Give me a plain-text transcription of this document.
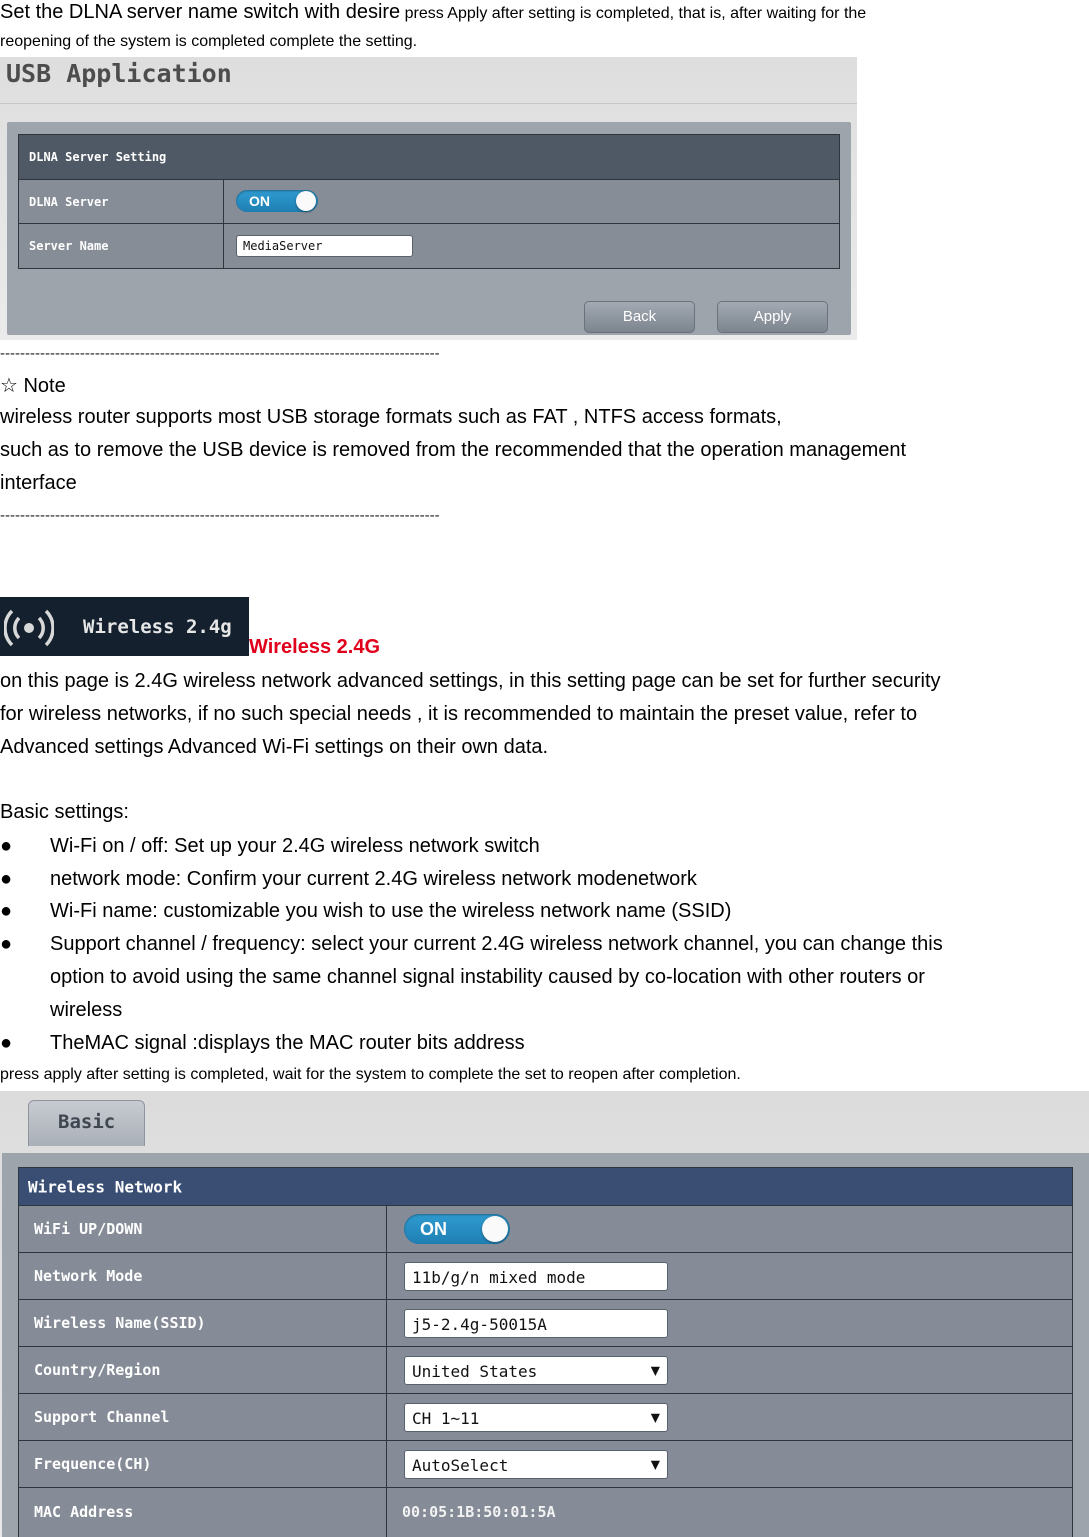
Set the DLNA server name switch with desire press Apply after setting is completed, that is, after waiting for the

reopening of the system is completed complete the setting.

USB Application
DLNA Server Setting
DLNA Server	ON
Server Name	MediaServer
Back	Apply

----------------------------------------------------------------------------------------

☆ Note

wireless router supports most USB storage formats such as FAT , NTFS access formats,

such as to remove the USB device is removed from the recommended that the operation management

interface

----------------------------------------------------------------------------------------

Wireless 2.4g
Wireless 2.4G

on this page is 2.4G wireless network advanced settings, in this setting page can be set for further security

for wireless networks, if no such special needs , it is recommended to maintain the preset value, refer to

Advanced settings Advanced Wi-Fi settings on their own data.

Basic settings:

● Wi-Fi on / off: Set up your 2.4G wireless network switch
● network mode: Confirm your current 2.4G wireless network modenetwork
● Wi-Fi name: customizable you wish to use the wireless network name (SSID)
● Support channel / frequency: select your current 2.4G wireless network channel, you can change this
option to avoid using the same channel signal instability caused by co-location with other routers or
wireless
● TheMAC signal :displays the MAC router bits address

press apply after setting is completed, wait for the system to complete the set to reopen after completion.

Basic
Wireless Network
WiFi UP/DOWN	ON
Network Mode	11b/g/n mixed mode
Wireless Name(SSID)	j5-2.4g-50015A
Country/Region	United States	▼
Support Channel	CH 1~11	▼
Frequence(CH)	AutoSelect	▼
MAC Address	00:05:1B:50:01:5A
